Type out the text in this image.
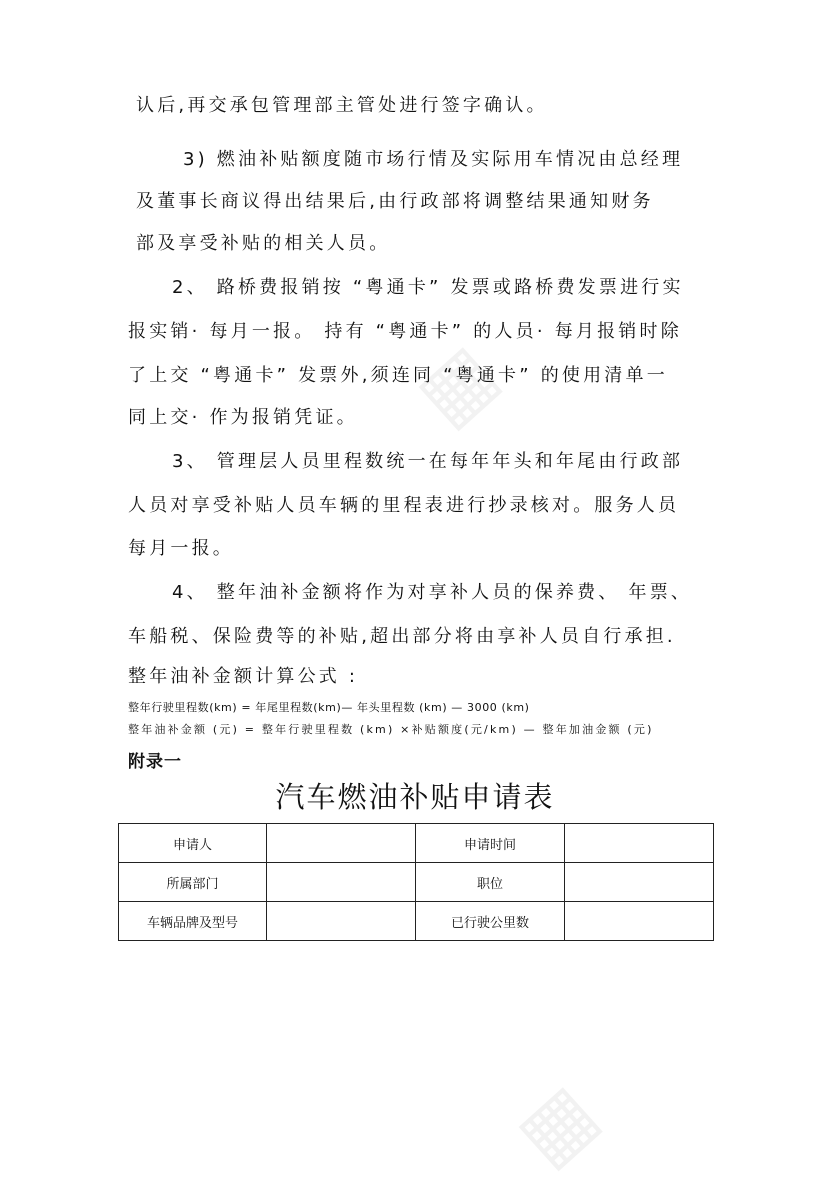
▦
▦
认后,再交承包管理部主管处进行签字确认。
3) 燃油补贴额度随市场行情及实际用车情况由总经理
及董事长商议得出结果后,由行政部将调整结果通知财务
部及享受补贴的相关人员。
2、 路桥费报销按 “粤通卡” 发票或路桥费发票进行实
报实销· 每月一报。 持有 “粤通卡” 的人员· 每月报销时除
了上交 “粤通卡” 发票外,须连同 “粤通卡” 的使用清单一
同上交· 作为报销凭证。
3、 管理层人员里程数统一在每年年头和年尾由行政部
人员对享受补贴人员车辆的里程表进行抄录核对。服务人员
每月一报。
4、 整年油补金额将作为对享补人员的保养费、 年票、
车船税、保险费等的补贴,超出部分将由享补人员自行承担.
整年油补金额计算公式 :
整年行驶里程数(km) = 年尾里程数(km)— 年头里程数 (km) — 3000 (km)
整年油补金额 (元) = 整年行驶里程数 (km) ×补贴额度(元/km) — 整年加油金额 (元)
附录一
汽车燃油补贴申请表
申请人		申请时间	
所属部门		职位	
车辆品牌及型号		已行驶公里数	
